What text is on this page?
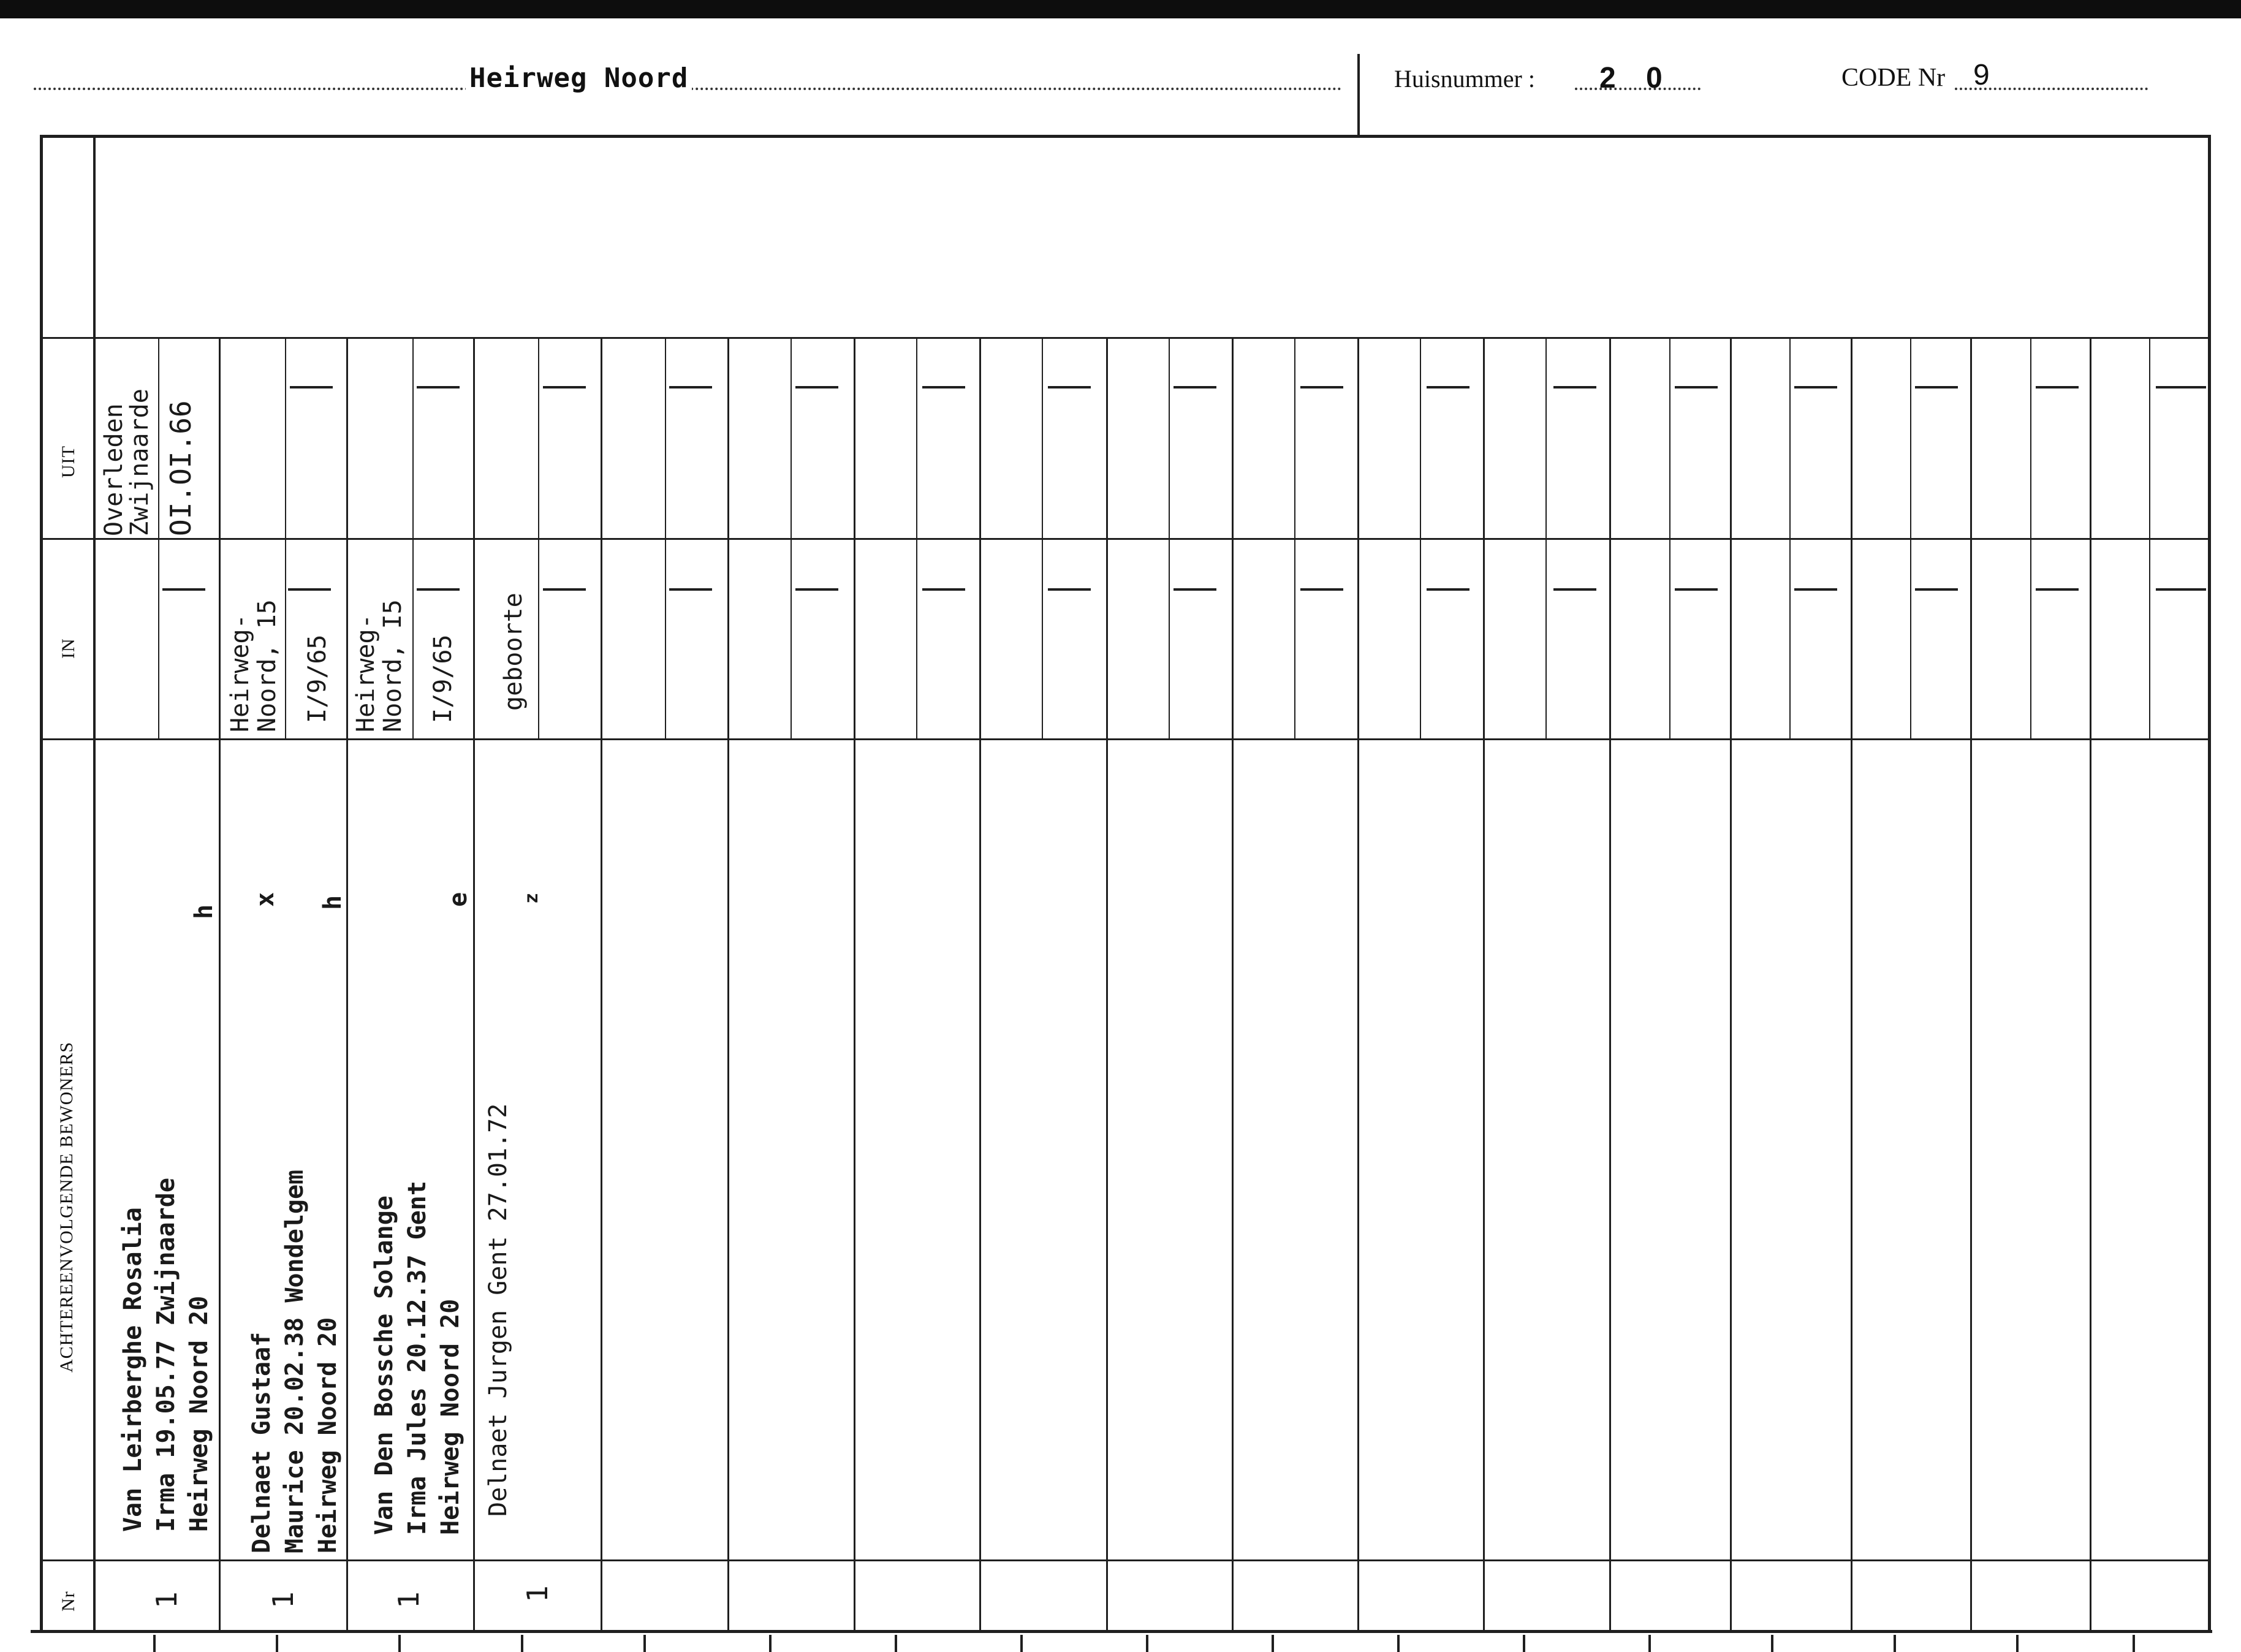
Heirweg Noord	Huisnummer : 2 0	CODE Nr 9
UIT
IN
ACHTEREENVOLGENDE BEWONERS
Nr
Overleden
Zwijnaarde OI.OI.66
Van Leirberghe Rosalia Irma 19.05.77 Zwijnaarde Heirweg Noord 20
h
1
Heirweg-
Noord, 15 I/9/65
Delnaet Gustaaf Maurice 20.02.38 Wondelgem Heirweg Noord 20
x h
1
Heirweg-
Noord, I5 I/9/65
Van Den Bossche Solange Irma Jules 20.12.37 Gent Heirweg Noord 20
e
1
geboorte
Delnaet Jurgen Gent 27.01.72
z
1
